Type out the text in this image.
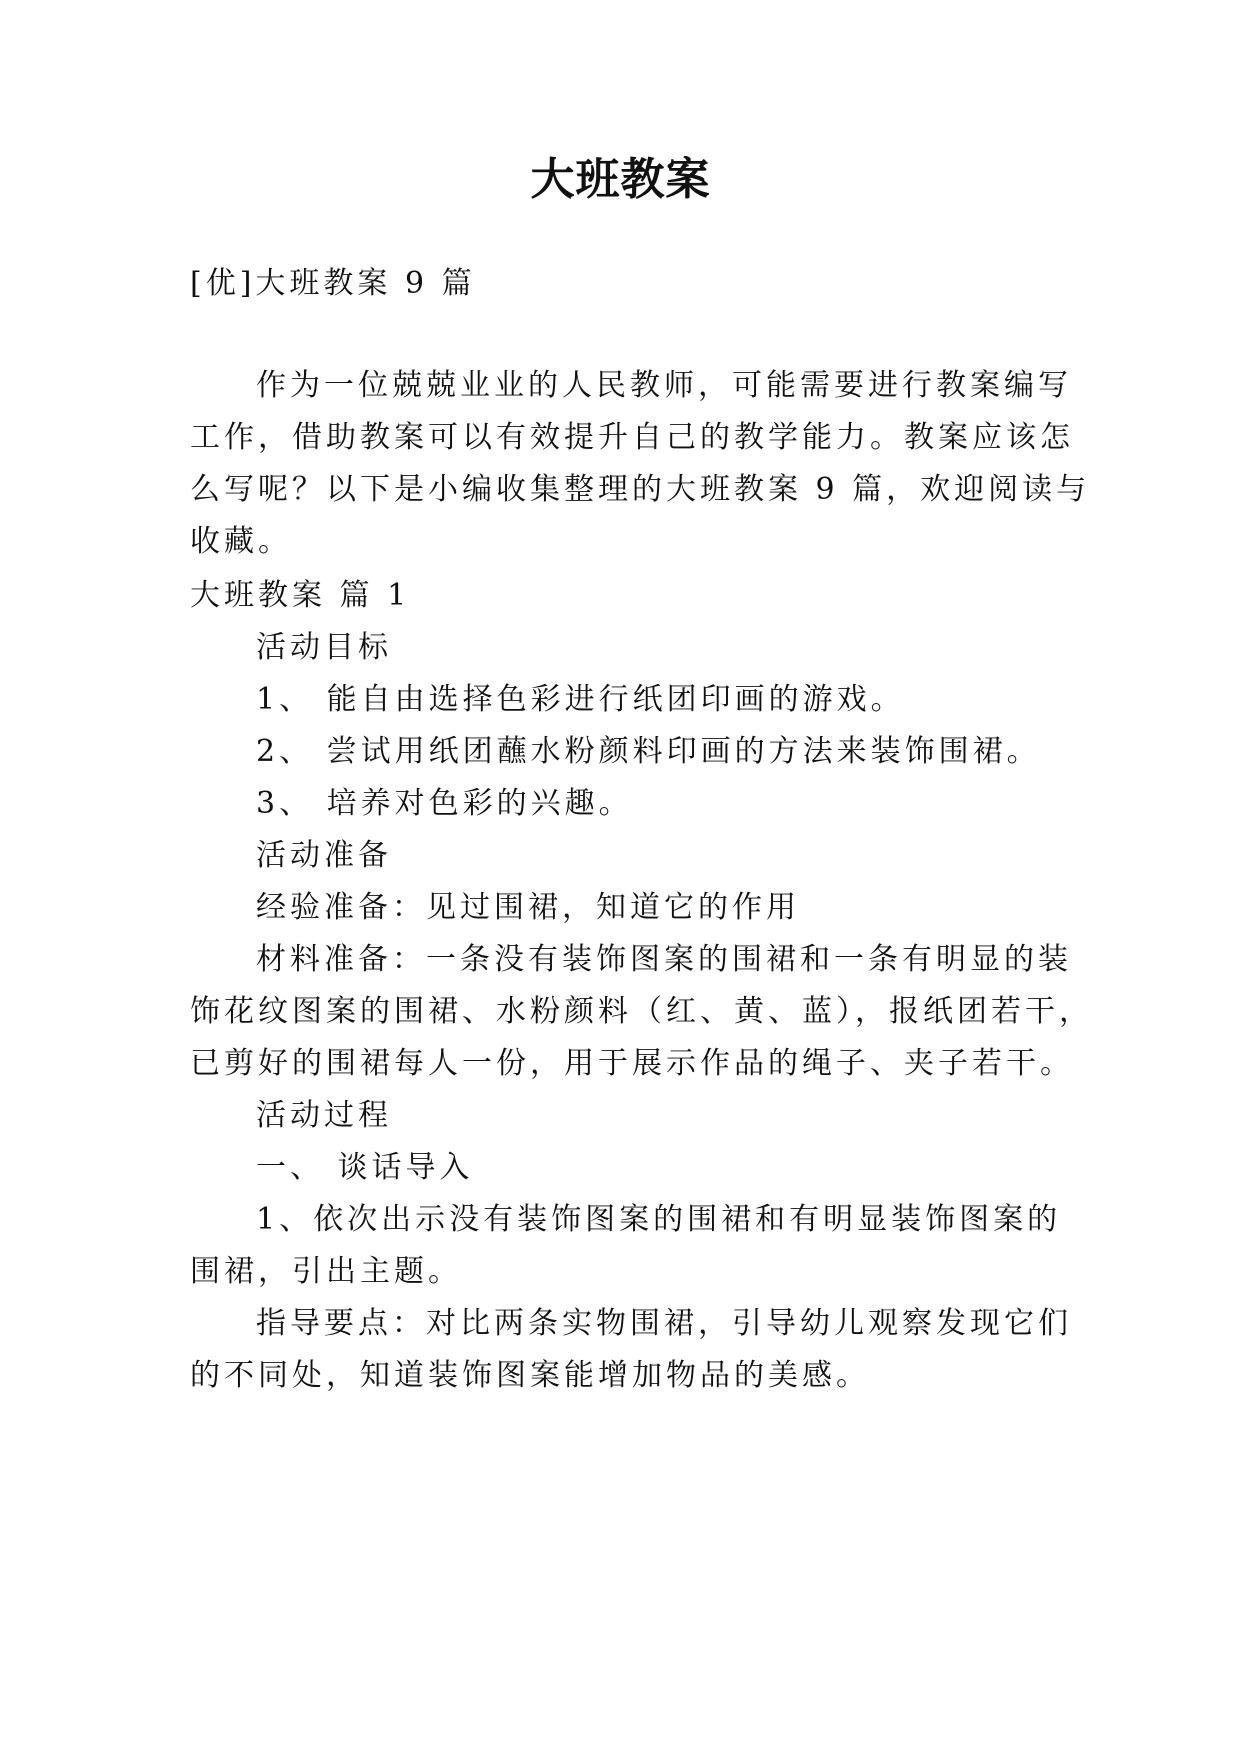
大班教案

[优]大班教案 9 篇

作为一位兢兢业业的人民教师，可能需要进行教案编写

工作，借助教案可以有效提升自己的教学能力。教案应该怎

么写呢？以下是小编收集整理的大班教案 9 篇，欢迎阅读与

收藏。

大班教案 篇 1

活动目标

1、 能自由选择色彩进行纸团印画的游戏。

2、 尝试用纸团蘸水粉颜料印画的方法来装饰围裙。

3、 培养对色彩的兴趣。

活动准备

经验准备：见过围裙，知道它的作用

材料准备：一条没有装饰图案的围裙和一条有明显的装

饰花纹图案的围裙、水粉颜料（红、黄、蓝），报纸团若干，

已剪好的围裙每人一份，用于展示作品的绳子、夹子若干。

活动过程

一、 谈话导入

1、依次出示没有装饰图案的围裙和有明显装饰图案的

围裙，引出主题。

指导要点：对比两条实物围裙，引导幼儿观察发现它们

的不同处，知道装饰图案能增加物品的美感。
